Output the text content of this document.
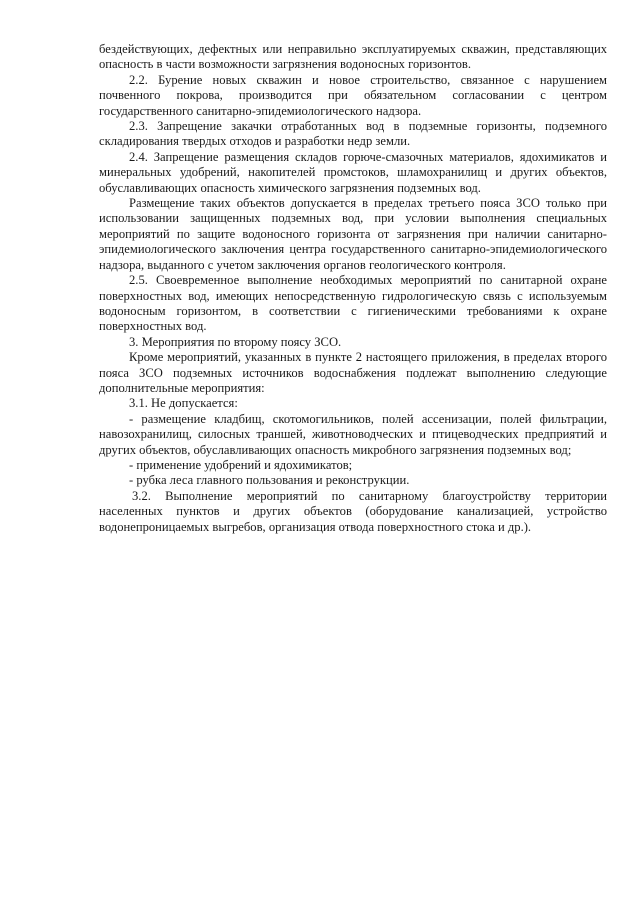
бездействующих, дефектных или неправильно эксплуатируемых скважин, представляющих опасность в части возможности загрязнения водоносных горизонтов.

2.2. Бурение новых скважин и новое строительство, связанное с нарушением почвенного покрова, производится при обязательном согласовании с центром государственного санитарно-эпидемиологического надзора.

2.3. Запрещение закачки отработанных вод в подземные горизонты, подземного складирования твердых отходов и разработки недр земли.

2.4. Запрещение размещения складов горюче-смазочных материалов, ядохимикатов и минеральных удобрений, накопителей промстоков, шламохранилищ и других объектов, обуславливающих опасность химического загрязнения подземных вод.

Размещение таких объектов допускается в пределах третьего пояса ЗСО только при использовании защищенных подземных вод, при условии выполнения специальных мероприятий по защите водоносного горизонта от загрязнения при наличии санитарно-эпидемиологического заключения центра государственного санитарно-эпидемиологического надзора, выданного с учетом заключения органов геологического контроля.

2.5. Своевременное выполнение необходимых мероприятий по санитарной охране поверхностных вод, имеющих непосредственную гидрологическую связь с используемым водоносным горизонтом, в соответствии с гигиеническими требованиями к охране поверхностных вод.

3. Мероприятия по второму поясу ЗСО.

Кроме мероприятий, указанных в пункте 2 настоящего приложения, в пределах второго пояса ЗСО подземных источников водоснабжения подлежат выполнению следующие дополнительные мероприятия:

3.1. Не допускается:

- размещение кладбищ, скотомогильников, полей ассенизации, полей фильтрации, навозохранилищ, силосных траншей, животноводческих и птицеводческих предприятий и других объектов, обуславливающих опасность микробного загрязнения подземных вод;

- применение удобрений и ядохимикатов;

- рубка леса главного пользования и реконструкции.

3.2. Выполнение мероприятий по санитарному благоустройству территории населенных пунктов и других объектов (оборудование канализацией, устройство водонепроницаемых выгребов, организация отвода поверхностного стока и др.).
